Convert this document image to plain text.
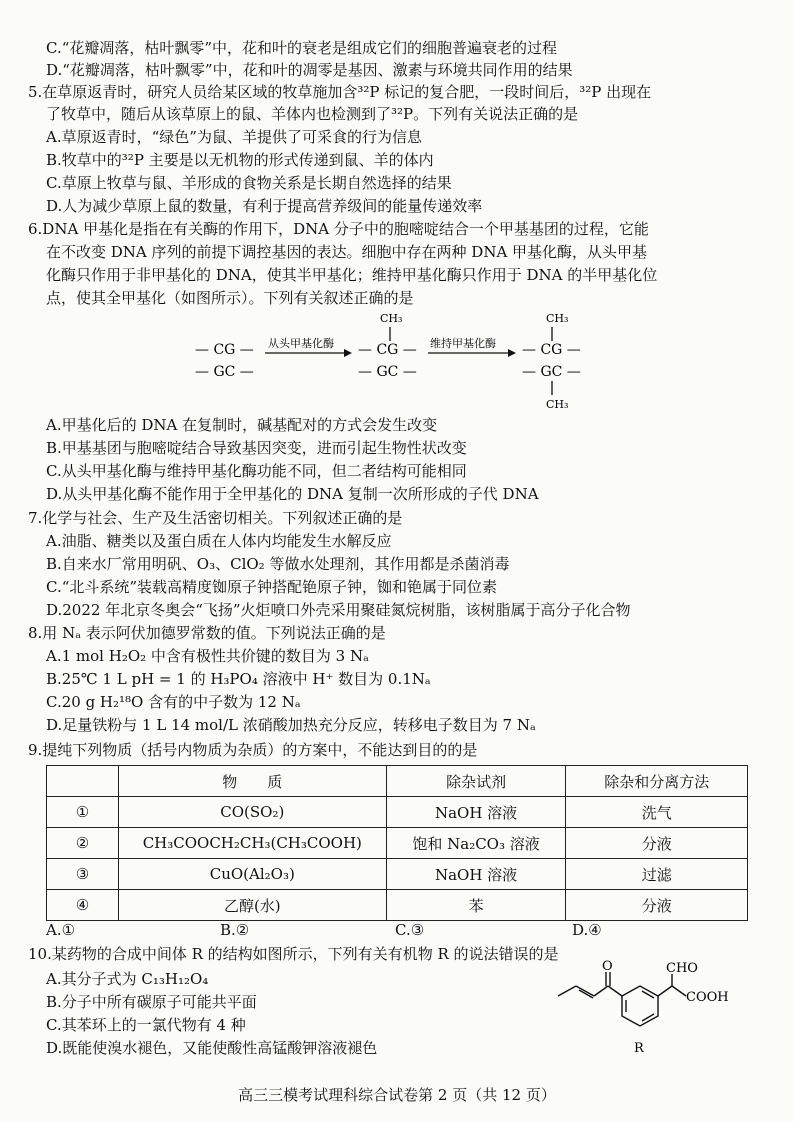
C.“花瓣凋落，枯叶飘零”中，花和叶的衰老是组成它们的细胞普遍衰老的过程
D.“花瓣凋落，枯叶飘零”中，花和叶的凋零是基因、激素与环境共同作用的结果
5.在草原返青时，研究人员给某区域的牧草施加含³²P 标记的复合肥，一段时间后，³²P 出现在
了牧草中，随后从该草原上的鼠、羊体内也检测到了³²P。下列有关说法正确的是
A.草原返青时，“绿色”为鼠、羊提供了可采食的行为信息
B.牧草中的³²P 主要是以无机物的形式传递到鼠、羊的体内
C.草原上牧草与鼠、羊形成的食物关系是长期自然选择的结果
D.人为减少草原上鼠的数量，有利于提高营养级间的能量传递效率
6.DNA 甲基化是指在有关酶的作用下，DNA 分子中的胞嘧啶结合一个甲基基团的过程，它能
在不改变 DNA 序列的前提下调控基因的表达。细胞中存在两种 DNA 甲基化酶，从头甲基
化酶只作用于非甲基化的 DNA，使其半甲基化；维持甲基化酶只作用于 DNA 的半甲基化位
点，使其全甲基化（如图所示）。下列有关叙述正确的是
— CG —
— GC —
从头甲基化酶
CH₃
— CG —
— GC —
维持甲基化酶
CH₃
— CG —
— GC —
CH₃
A.甲基化后的 DNA 在复制时，碱基配对的方式会发生改变
B.甲基基团与胞嘧啶结合导致基因突变，进而引起生物性状改变
C.从头甲基化酶与维持甲基化酶功能不同，但二者结构可能相同
D.从头甲基化酶不能作用于全甲基化的 DNA 复制一次所形成的子代 DNA
7.化学与社会、生产及生活密切相关。下列叙述正确的是
A.油脂、糖类以及蛋白质在人体内均能发生水解反应
B.自来水厂常用明矾、O₃、ClO₂ 等做水处理剂，其作用都是杀菌消毒
C.“北斗系统”装载高精度铷原子钟搭配铯原子钟，铷和铯属于同位素
D.2022 年北京冬奥会“飞扬”火炬喷口外壳采用聚硅氮烷树脂，该树脂属于高分子化合物
8.用 Nₐ 表示阿伏加德罗常数的值。下列说法正确的是
A.1 mol H₂O₂ 中含有极性共价键的数目为 3 Nₐ
B.25℃ 1 L pH = 1 的 H₃PO₄ 溶液中 H⁺ 数目为 0.1Nₐ
C.20 g H₂¹⁸O 含有的中子数为 12 Nₐ
D.足量铁粉与 1 L 14 mol/L 浓硝酸加热充分反应，转移电子数目为 7 Nₐ
9.提纯下列物质（括号内物质为杂质）的方案中，不能达到目的的是
	物　　质	除杂试剂	除杂和分离方法
①	CO(SO₂)	NaOH 溶液	洗气
②	CH₃COOCH₂CH₃(CH₃COOH)	饱和 Na₂CO₃ 溶液	分液
③	CuO(Al₂O₃)	NaOH 溶液	过滤
④	乙醇(水)	苯	分液
A.①	B.②	C.③	D.④
10.某药物的合成中间体 R 的结构如图所示，下列有关有机物 R 的说法错误的是
A.其分子式为 C₁₃H₁₂O₄
B.分子中所有碳原子可能共平面
C.其苯环上的一氯代物有 4 种
D.既能使溴水褪色，又能使酸性高锰酸钾溶液褪色
O	CHO
COOH
R
高三三模考试理科综合试卷第 2 页（共 12 页）
